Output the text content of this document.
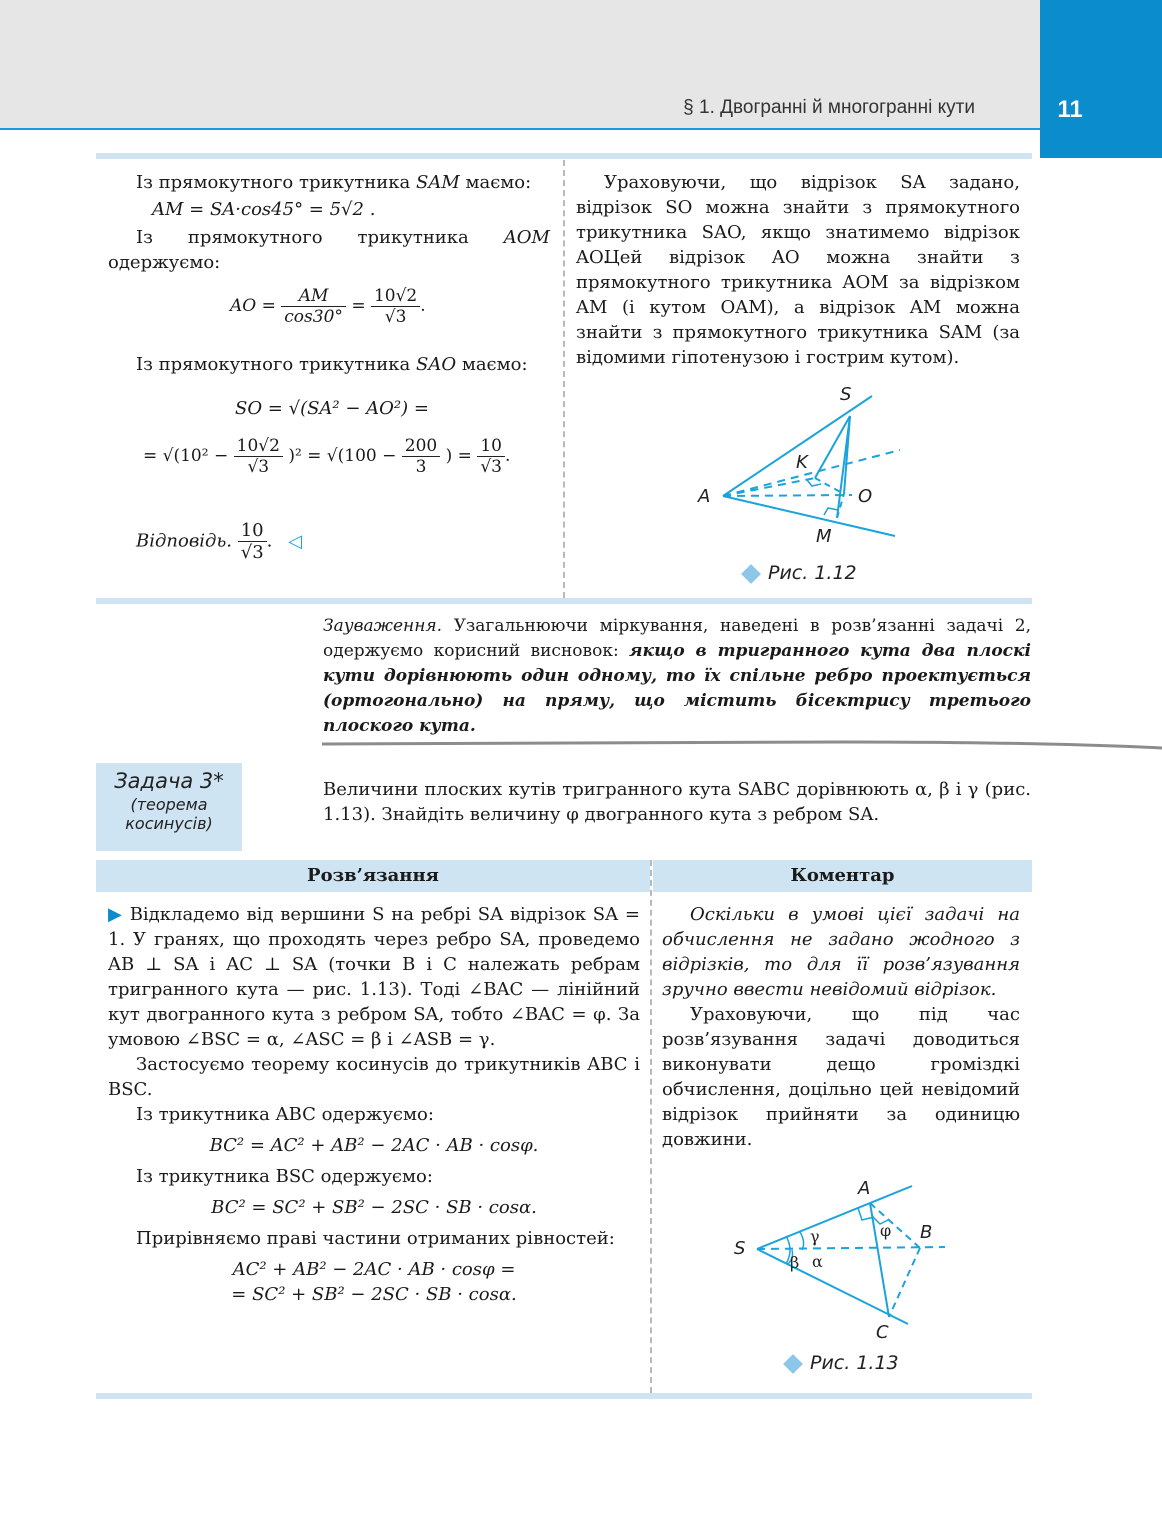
11
§ 1. Двогранні й многогранні кути
Із прямокутного трикутника SAM маємо:
AM = SA·cos45° = 5√2 .
Із прямокутного трикутника AOM одержуємо:
AO = $\frac{AM}{\cos 30^\circ} = \frac{10√2}{√3}$ .
Із прямокутного трикутника SAO маємо:
SO = √(SA² − AO²) =
= $√(10^2 - \frac{10√2}{√3} )^2 = √(100 - \frac{200}{3}$ ) = $\frac{10}{√3}$ .
Відповідь. $\frac{10}{√3}$ . ◁
Ураховуючи, що відрізок SA задано, відрізок SO можна знайти з прямокутного трикутника SAO, якщо знатимемо відрізок AO.
Цей відрізок AO можна знайти з прямокутного трикутника AOM за відрізком AM (і кутом OAM), а відрізок AM можна знайти з прямокутного трикутника SAM (за відомими гіпотенузою і гострим кутом).
S
K
A	O
M
Рис. 1.12
Зауваження. Узагальнюючи міркування, наведені в розв’язанні задачі 2, одержуємо корисний висновок: якщо в тригранного кута два плоскі кути дорівнюють один одному, то їх спільне ребро проектується (ортогонально) на пряму, що містить бісектрису третього плоского кута.
Задача 3*
(теорема
косинусів)
Величини плоских кутів тригранного кута SABC дорівнюють α, β і γ (рис. 1.13). Знайдіть величину φ двогранного кута з ребром SA.
Розв’язання	Коментар
▶ Відкладемо від вершини S на ребрі SA відрізок SA = 1. У гранях, що проходять через ребро SA, проведемо AB ⊥ SA і AC ⊥ SA (точки B і C належать ребрам тригранного кута — рис. 1.13). Тоді ∠BAC — лінійний кут двогранного кута з ребром SA, тобто ∠BAC = φ. За умовою ∠BSC = α, ∠ASC = β і ∠ASB = γ.
Застосуємо теорему косинусів до трикутників ABC і BSC.
Із трикутника ABC одержуємо:
BC² = AC² + AB² − 2AC · AB · cosφ.
Із трикутника BSC одержуємо:
BC² = SC² + SB² − 2SC · SB · cosα.
Прирівняємо праві частини отриманих рівностей:
AC² + AB² − 2AC · AB · cosφ =
= SC² + SB² − 2SC · SB · cosα.
Оскільки в умові цієї задачі на обчислення не задано жодного з відрізків, то для її розв’язування зручно ввести невідомий відрізок.
Ураховуючи, що під час розв’язування задачі доводиться виконувати дещо громіздкі обчислення, доцільно цей невідомий відрізок прийняти за одиницю довжини.
A
S
B
C
γ	φ
β α
Рис. 1.13
